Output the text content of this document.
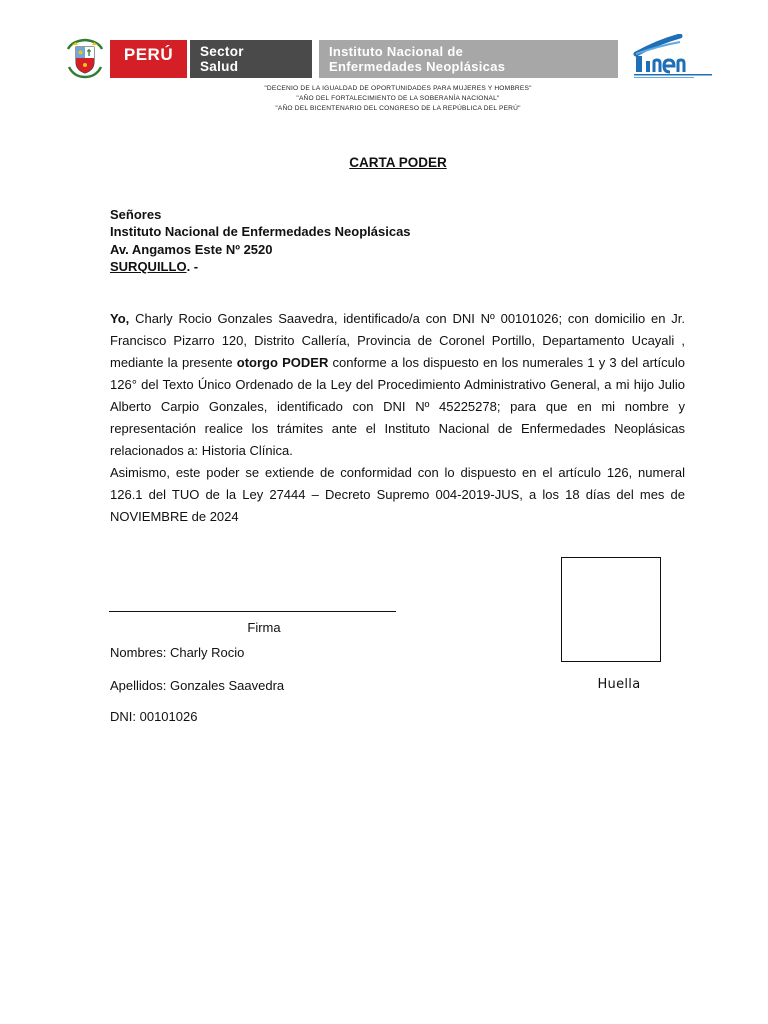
PERÚ Sector
Salud
Instituto Nacional de
Enfermedades Neoplásicas
"DECENIO DE LA IGUALDAD DE OPORTUNIDADES PARA MUJERES Y HOMBRES"
"AÑO DEL FORTALECIMIENTO DE LA SOBERANÍA NACIONAL"
"AÑO DEL BICENTENARIO DEL CONGRESO DE LA REPÚBLICA DEL PERÚ"
CARTA PODER
Señores
Instituto Nacional de Enfermedades Neoplásicas
Av. Angamos Este Nº 2520
SURQUILLO. -

Yo, Charly Rocio Gonzales Saavedra, identificado/a con DNI Nº 00101026; con domicilio en Jr. Francisco Pizarro 120, Distrito Callería, Provincia de Coronel Portillo, Departamento Ucayali , mediante la presente otorgo PODER conforme a los dispuesto en los numerales 1 y 3 del artículo 126° del Texto Único Ordenado de la Ley del Procedimiento Administrativo General, a mi hijo Julio Alberto Carpio Gonzales, identificado con DNI Nº 45225278; para que en mi nombre y representación realice los trámites ante el Instituto Nacional de Enfermedades Neoplásicas relacionados a: Historia Clínica.

Asimismo, este poder se extiende de conformidad con lo dispuesto en el artículo 126, numeral 126.1 del TUO de la Ley 27444 – Decreto Supremo 004-2019-JUS, a los 18 días del mes de NOVIEMBRE de 2024

Firma
Nombres: Charly Rocio
Apellidos: Gonzales Saavedra
DNI: 00101026
Huella
